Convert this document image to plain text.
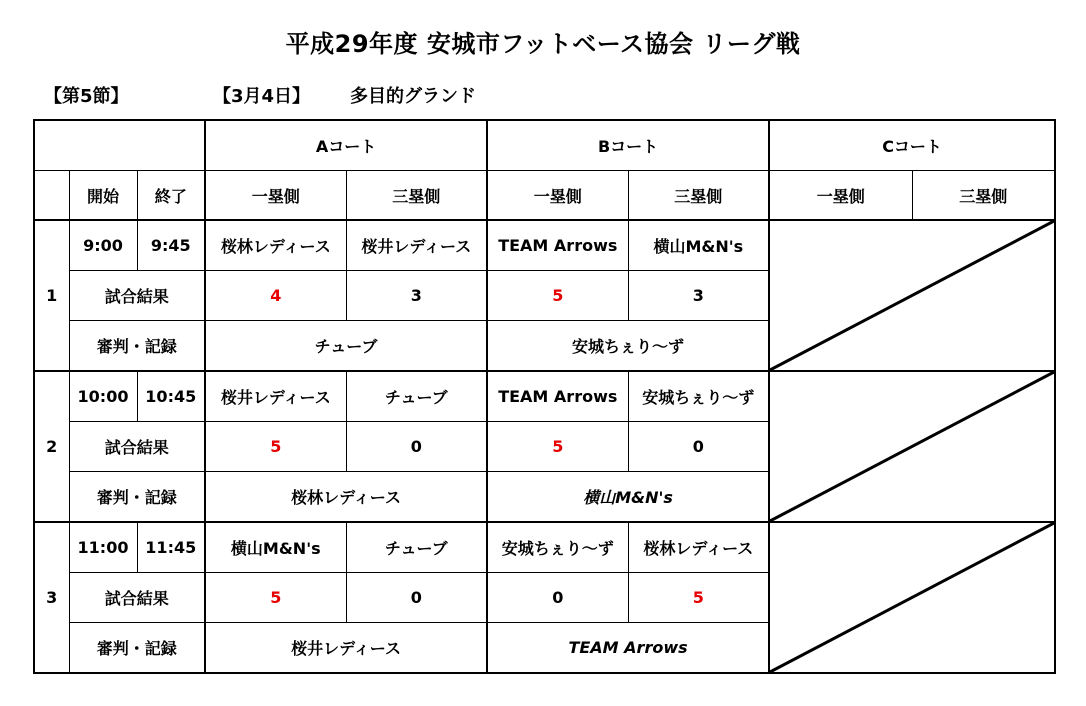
平成29年度 安城市フットベース協会 リーグ戦
【第5節】	【3月4日】 多目的グランド
			Aコート		Bコート		Cコート	
	開始	終了	一塁側	三塁側	一塁側	三塁側	一塁側	三塁側
1	9:00	9:45	桜林レディース	桜井レディース	TEAM Arrows	横山M&N's	

	試合結果		4	3	5	3		
	審判・記録		チューブ		安城ちぇり～ず			
2	10:00	10:45	桜井レディース	チューブ	TEAM Arrows	安城ちぇり～ず	

	試合結果		5	0	5	0		
	審判・記録		桜林レディース		横山M&N's			
3	11:00	11:45	横山M&N's	チューブ	安城ちぇり～ず	桜林レディース	

	試合結果		5	0	0	5		
	審判・記録		桜井レディース		TEAM Arrows			
